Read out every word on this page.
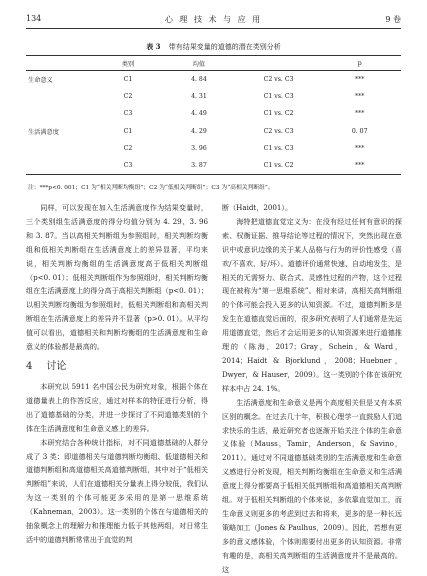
134	心 理 技 术 与 应 用	9 卷
表 3 带有结果变量的道德的潜在类别分析
	类别	均值		p
生命意义	C1	4. 84	C2 vs. C3	***
	C2	4. 31	C1 vs. C3	***
	C3	4. 49	C1 vs. C2	***
生活满意度	C1	4. 29	C2 vs. C3	0. 07
	C2	3. 96	C1 vs. C3	***
	C3	3. 87	C1 vs. C2	***
注：***p<0. 001；C1 为“相关判断均衡组”；C2 为“低相关判断组”；C3 为“高相关判断组”。

同样，可以发现在加入生活满意度作为结果变量时，三个类别组生活满意度的得分均值分别为 4. 29、3. 96 和 3. 87。当以高相关判断组为参照组时，相关判断均衡组和低相关判断组在生活满意度上的差异显著，平均来说，相关判断均衡组的生活满意度高于低相关判断组（p<0. 01）；低相关判断组作为参照组时，相关判断均衡组在生活满意度上的得分高于高相关判断组（p<0. 01）；以相关判断均衡组为参照组时，低相关判断组和高相关判断组在生活满意度上的差异并不显著（p>0. 01）。从平均值可以看出，道德相关和判断均衡组的生活满意度和生命意义的体验都是最高的。

4 讨论

本研究以 5911 名中国公民为研究对象，根据个体在道德量表上的作答反应，通过对样本的特征进行分析，得出了道德基础的分类，并进一步探讨了不同道德类别的个体在生活满意度和生命意义感上的差异。

本研究结合各种统计指标，对不同道德基础的人群分成了 3 类：即道德相关与道德判断均衡组、低道德相关和道德判断组和高道德相关高道德判断组，其中对于“低相关判断组”来说，人们在道德相关分量表上得分较低，我们认为这一类别的个体可能更多采用的是第一思维系统（Kahneman，2003）。这一类别的个体在与道德相关的抽象概念上的理解力和推理能力低于其他两组，对日常生活中的道德判断常常出于直觉的判

断（Haidt，2001）。

海特把道德直觉定义为：在没有经过任何有意识的探索、权衡证据、推导结论等过程的情况下，突然出现在意识中或意识边缘的关于某人品格与行为的评价性感受（喜欢/不喜欢、好/坏）。道德评价通常快速、自动地发生，是相关的无需努力、联合式、灵感性过程的产物，这个过程现在被称为“第一思维系统”。相对来讲，高相关高判断组的个体可能会投入更多的认知资源。不过，道德判断多是发生在道德直觉后面的，很多研究表明了人们通常是先运用道德直觉，然后才会运用更多的认知资源来进行道德推理的（陈海，2017；Gray，Schein，& Ward，2014；Haidt & Bjorklund，2008；Huebner，Dwyer，& Hauser，2009）。这一类别的个体在该研究样本中占 24. 1%。

生活满意度和生命意义是两个高度相关但是又有本质区别的概念。在过去几十年，积极心理学一直鼓励人们追求快乐的生活，最近研究者也逐渐开始关注个体的生命意义体验（Mauss，Tamir，Anderson，& Savino，2011）。通过对不同道德基础类别的生活满意度和生命意义感进行分析发现，相关判断均衡组在生命意义和生活满意度上得分都要高于低相关低判断组和高道德相关高判断组。对于低相关判断组的个体来说，多依靠直觉加工，而生命意义则更多的考虑到过去和将来，更多的是一种长远策略加工（Jones & Paulhus，2009）。因此，若想有更多的意义感体验，个体则需要付出更多的认知资源。非常有趣的是，高相关高判断组的生活满意度并不是最高的。这
